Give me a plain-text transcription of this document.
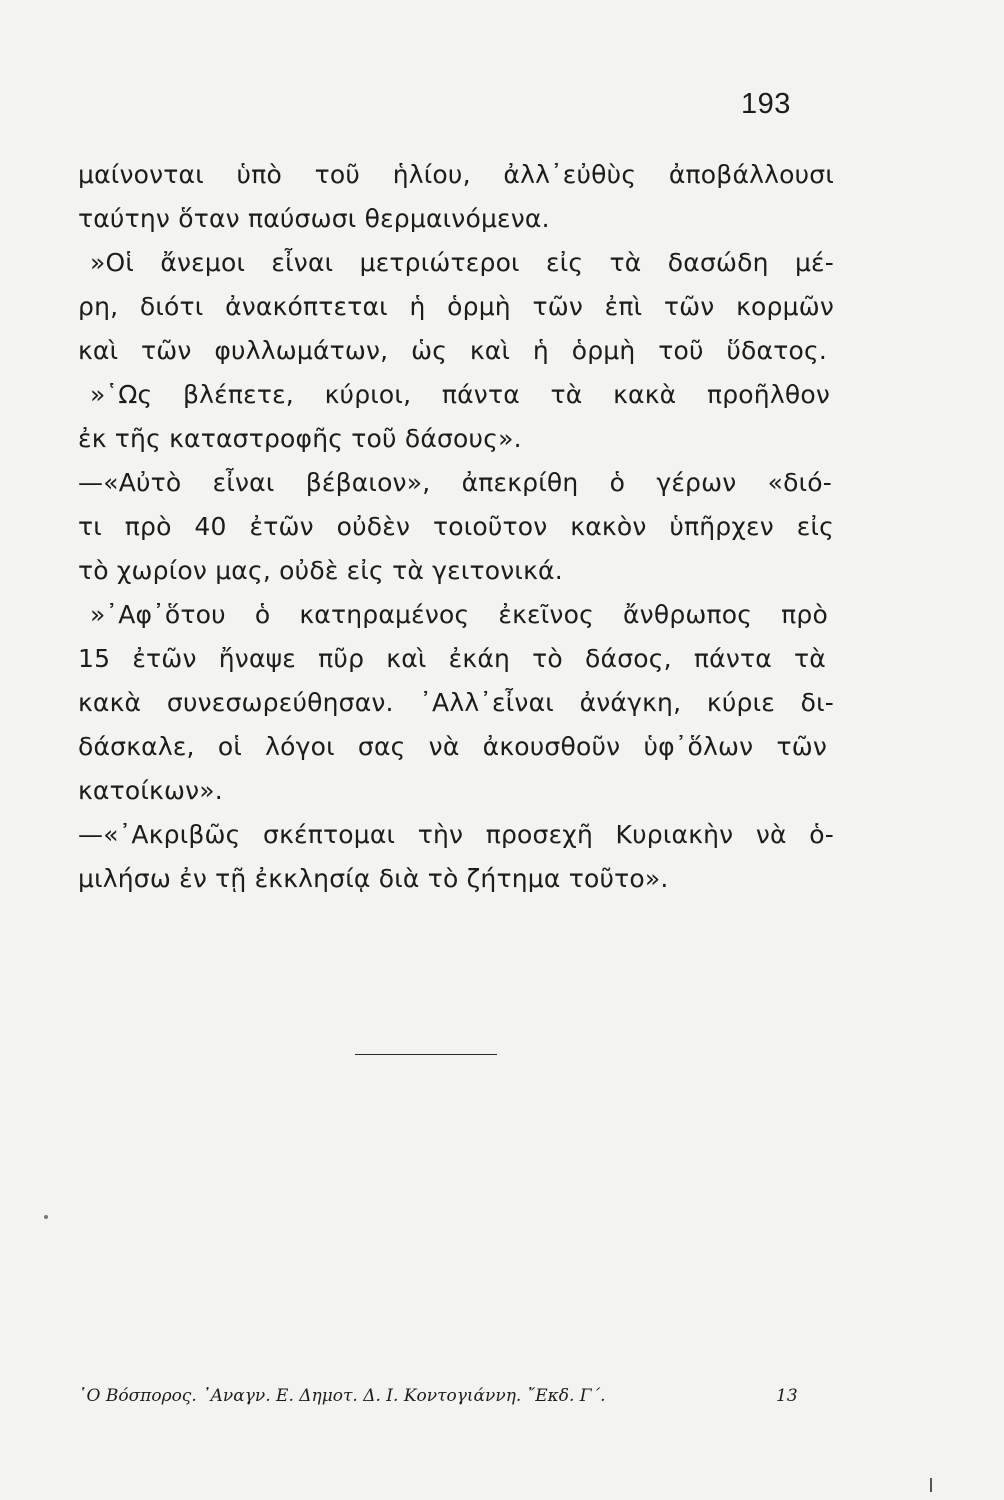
193
μαίνονται ὑπὸ τοῦ ἡλίου, ἀλλ᾽εὐθὺς ἀποβάλλουσι
ταύτην ὅταν παύσωσι θερμαινόμενα.
»Οἱ ἄνεμοι εἶναι μετριώτεροι εἰς τὰ δασώδη μέ-
ρη, διότι ἀνακόπτεται ἡ ὁρμὴ τῶν ἐπὶ τῶν κορμῶν
καὶ τῶν φυλλωμάτων, ὡς καὶ ἡ ὁρμὴ τοῦ ὕδατος.
»῾Ως βλέπετε, κύριοι, πάντα τὰ κακὰ προῆλθον
ἐκ τῆς καταστροφῆς τοῦ δάσους».
—«Αὐτὸ εἶναι βέβαιον», ἀπεκρίθη ὁ γέρων «διό-
τι πρὸ 40 ἐτῶν οὐδὲν τοιοῦτον κακὸν ὑπῆρχεν εἰς
τὸ χωρίον μας, οὐδὲ εἰς τὰ γειτονικά.
»᾽Αφ᾽ὅτου ὁ κατηραμένος ἐκεῖνος ἄνθρωπος πρὸ
15 ἐτῶν ἤναψε πῦρ καὶ ἐκάη τὸ δάσος, πάντα τὰ
κακὰ συνεσωρεύθησαν. ᾽Αλλ᾽εἶναι ἀνάγκη, κύριε δι-
δάσκαλε, οἱ λόγοι σας νὰ ἀκουσθοῦν ὑφ᾽ὅλων τῶν
κατοίκων».
—«᾽Ακριβῶς σκέπτομαι τὴν προσεχῆ Κυριακὴν νὰ ὁ-
μιλήσω ἐν τῇ ἐκκλησίᾳ διὰ τὸ ζήτημα τοῦτο».
῾Ο Βόσπορος. ᾽Αναγν. Ε. Δημοτ. Δ. Ι. Κοντογιάννη. ῎Εκδ. Γ΄.	13
